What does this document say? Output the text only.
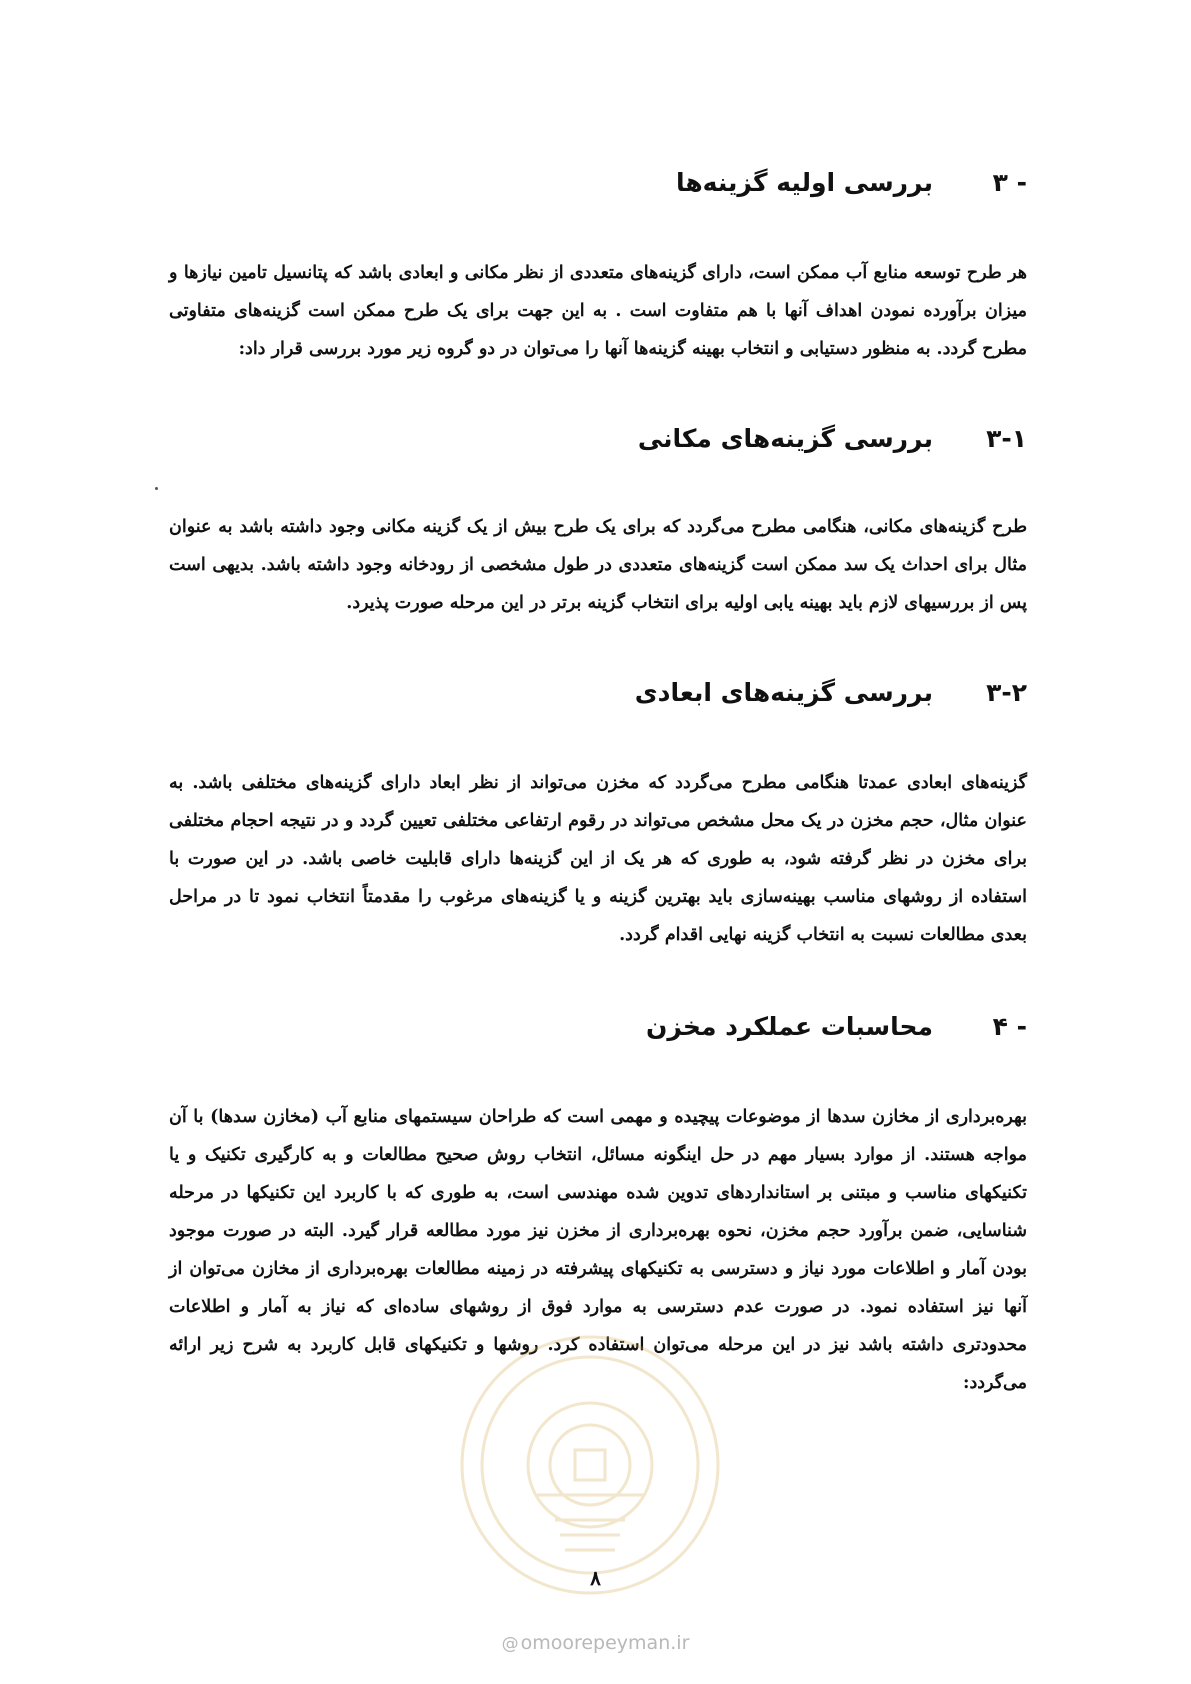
۳ -
بررسی اولیه گزینه‌ها
هر طرح توسعه منابع آب ممکن است، دارای گزینه‌های متعددی از نظر مکانی و ابعادی باشد که پتانسیل تامین نیازها و میزان برآورده نمودن اهداف آنها با هم متفاوت است . به این جهت برای یک طرح ممکن است گزینه‌های متفاوتی مطرح گردد. به منظور دستیابی و انتخاب بهینه گزینه‌ها آنها را می‌توان در دو گروه زیر مورد بررسی قرار داد:
۳-۱
بررسی گزینه‌های مکانی
طرح گزینه‌های مکانی، هنگامی مطرح می‌گردد که برای یک طرح بیش از یک گزینه مکانی وجود داشته باشد به عنوان مثال برای احداث یک سد ممکن است گزینه‌های متعددی در طول مشخصی از رودخانه وجود داشته باشد. بدیهی است پس از بررسیهای لازم باید بهینه یابی اولیه برای انتخاب گزینه برتر در این مرحله صورت پذیرد.
۳-۲
بررسی گزینه‌های ابعادی
گزینه‌های ابعادی عمدتا هنگامی مطرح می‌گردد که مخزن می‌تواند از نظر ابعاد دارای گزینه‌های مختلفی باشد. به عنوان مثال، حجم مخزن در یک محل مشخص می‌تواند در رقوم ارتفاعی مختلفی تعیین گردد و در نتیجه احجام مختلفی برای مخزن در نظر گرفته شود، به طوری که هر یک از این گزینه‌ها دارای قابلیت خاصی باشد. در این صورت با استفاده از روشهای مناسب بهینه‌سازی باید بهترین گزینه و یا گزینه‌های مرغوب را مقدمتاً انتخاب نمود تا در مراحل بعدی مطالعات نسبت به انتخاب گزینه نهایی اقدام گردد.
۴ -
محاسبات عملکرد مخزن
بهره‌برداری از مخازن سدها از موضوعات پیچیده و مهمی است که طراحان سیستمهای منابع آب (مخازن سدها) با آن مواجه هستند. از موارد بسیار مهم در حل اینگونه مسائل، انتخاب روش صحیح مطالعات و به کارگیری تکنیک و یا تکنیکهای مناسب و مبتنی بر استانداردهای تدوین شده مهندسی است، به طوری که با کاربرد این تکنیکها در مرحله شناسایی، ضمن برآورد حجم مخزن، نحوه بهره‌برداری از مخزن نیز مورد مطالعه قرار گیرد. البته در صورت موجود بودن آمار و اطلاعات مورد نیاز و دسترسی به تکنیکهای پیشرفته در زمینه مطالعات بهره‌برداری از مخازن می‌توان از آنها نیز استفاده نمود. در صورت عدم دسترسی به موارد فوق از روشهای ساده‌ای که نیاز به آمار و اطلاعات محدودتری داشته باشد نیز در این مرحله می‌توان استفاده کرد. روشها و تکنیکهای قابل کاربرد به شرح زیر ارائه می‌گردد:
۸
@ omoorepeyman.ir
